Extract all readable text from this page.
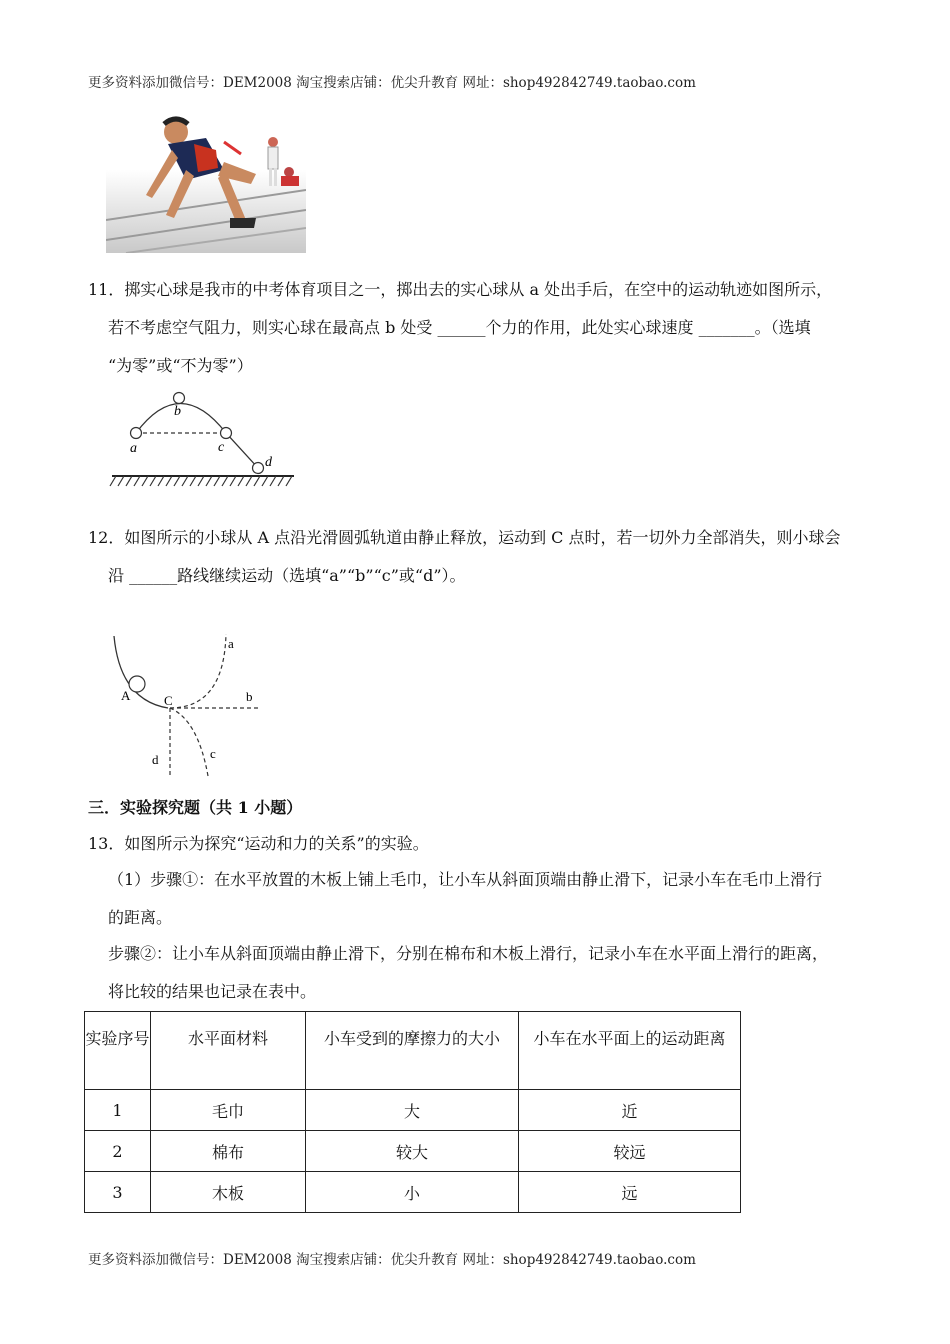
更多资料添加微信号：DEM2008 淘宝搜索店铺：优尖升教育 网址：shop492842749.taobao.com
11．掷实心球是我市的中考体育项目之一，掷出去的实心球从 a 处出手后，在空中的运动轨迹如图所示，
若不考虑空气阻力，则实心球在最高点 b 处受 ______个力的作用，此处实心球速度 _______。（选填
“为零”或“不为零”）
a
b
c
d
12．如图所示的小球从 A 点沿光滑圆弧轨道由静止释放，运动到 C 点时，若一切外力全部消失，则小球会
沿 ______路线继续运动（选填“a”“b”“c”或“d”）。
A	C
a
b
c
d
三．实验探究题（共 1 小题）
13．如图所示为探究“运动和力的关系”的实验。
（1）步骤①：在水平放置的木板上铺上毛巾，让小车从斜面顶端由静止滑下，记录小车在毛巾上滑行
的距离。
步骤②：让小车从斜面顶端由静止滑下，分别在棉布和木板上滑行，记录小车在水平面上滑行的距离，
将比较的结果也记录在表中。
实验序号	水平面材料	小车受到的摩擦力的大小	小车在水平面上的运动距离
1	毛巾	大	近
2	棉布	较大	较远
3	木板	小	远
更多资料添加微信号：DEM2008 淘宝搜索店铺：优尖升教育 网址：shop492842749.taobao.com
